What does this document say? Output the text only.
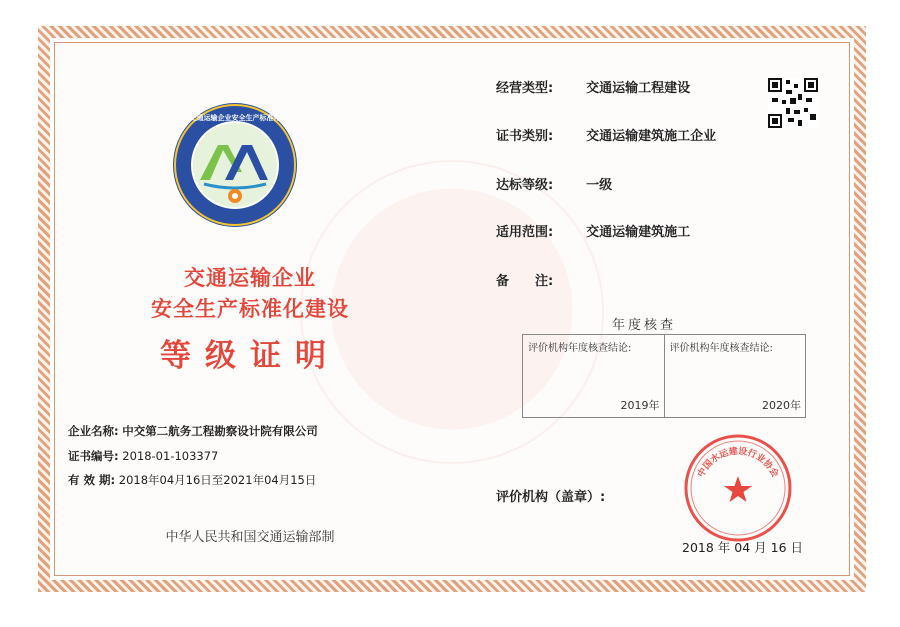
交通运输企业安全生产标准化
交通运输企业
安全生产标准化建设
等级证明
企业名称: 中交第二航务工程勘察设计院有限公司
证书编号: 2018-01-103377
有 效 期: 2018年04月16日至2021年04月15日
中华人民共和国交通运输部制
经营类型:	交通运输工程建设
证书类别:	交通运输建筑施工企业
达标等级:	一级
适用范围:	交通运输建筑施工
备　　注:
年度核查
评价机构年度核查结论:
2019年
评价机构年度核查结论:
2020年
评价机构（盖章）:
中国水运建设行业协会
2018 年 04 月 16 日
